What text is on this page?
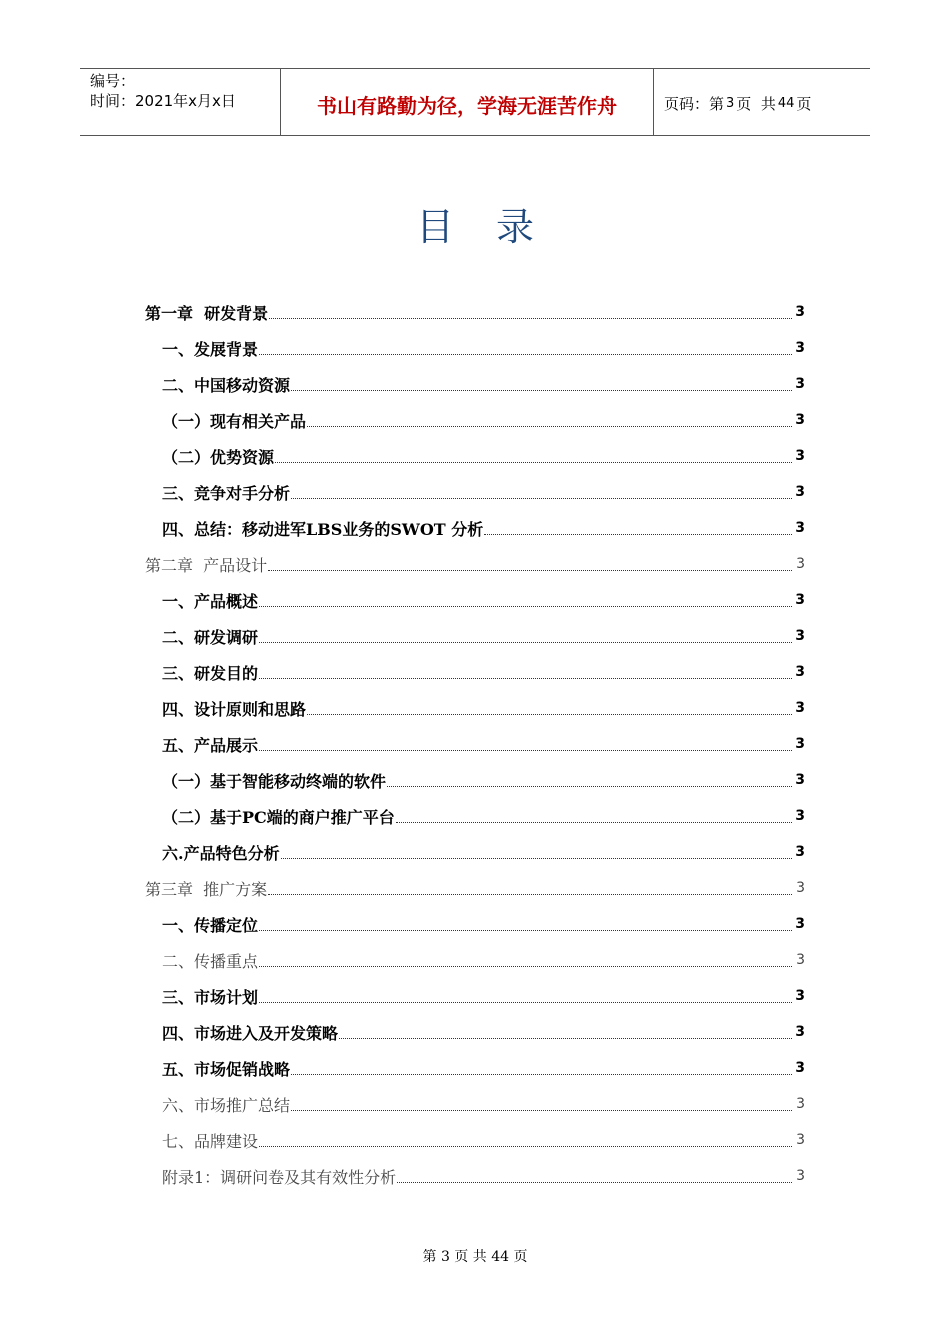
编号：
时间：2021年x月x日	书山有路勤为径，学海无涯苦作舟	页码：第 3 页  共 44 页
目录
第一章  研发背景	3
一、发展背景	3
二、中国移动资源	3
（一）现有相关产品	3
（二）优势资源	3
三、竞争对手分析	3
四、总结：移动进军LBS业务的SWOT 分析	3
第二章  产品设计	3
一、产品概述	3
二、研发调研	3
三、研发目的	3
四、设计原则和思路	3
五、产品展示	3
（一）基于智能移动终端的软件	3
（二）基于PC端的商户推广平台	3
六.产品特色分析	3
第三章  推广方案	3
一、传播定位	3
二、传播重点	3
三、市场计划	3
四、市场进入及开发策略	3
五、市场促销战略	3
六、市场推广总结	3
七、品牌建设	3
附录1：调研问卷及其有效性分析	3
第 3 页 共 44 页
